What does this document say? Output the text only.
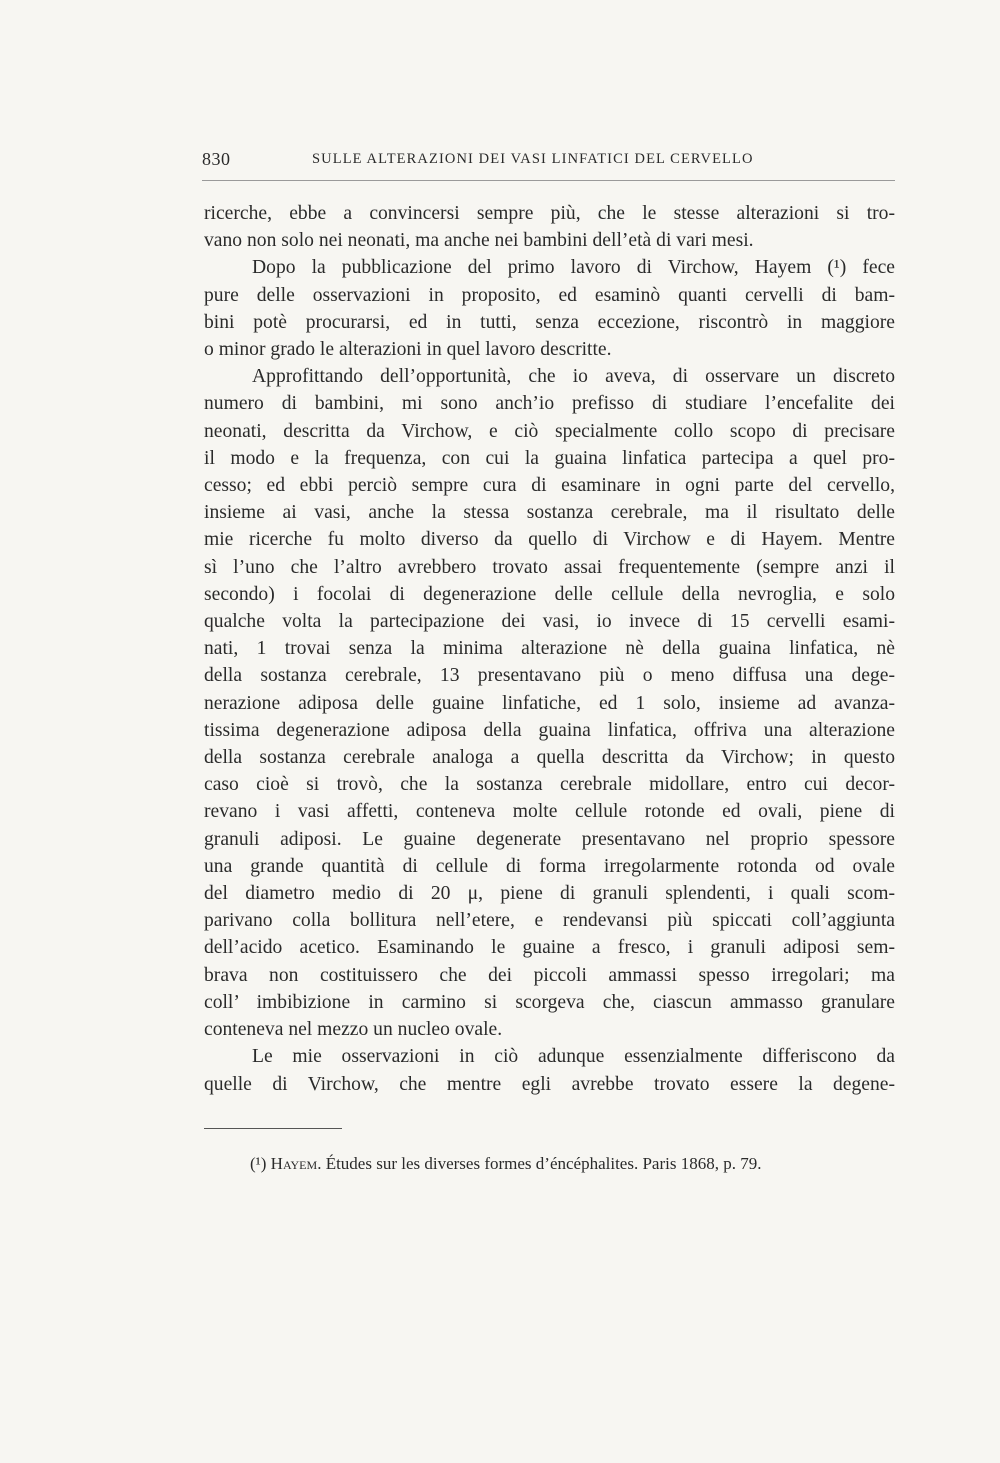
830	SULLE ALTERAZIONI DEI VASI LINFATICI DEL CERVELLO
ricerche, ebbe a convincersi sempre più, che le stesse alterazioni si tro-
vano non solo nei neonati, ma anche nei bambini dell’età di vari mesi.
Dopo la pubblicazione del primo lavoro di Virchow, Hayem (¹) fece
pure delle osservazioni in proposito, ed esaminò quanti cervelli di bam-
bini potè procurarsi, ed in tutti, senza eccezione, riscontrò in maggiore
o minor grado le alterazioni in quel lavoro descritte.
Approfittando dell’opportunità, che io aveva, di osservare un discreto
numero di bambini, mi sono anch’io prefisso di studiare l’encefalite dei
neonati, descritta da Virchow, e ciò specialmente collo scopo di precisare
il modo e la frequenza, con cui la guaina linfatica partecipa a quel pro-
cesso; ed ebbi perciò sempre cura di esaminare in ogni parte del cervello,
insieme ai vasi, anche la stessa sostanza cerebrale, ma il risultato delle
mie ricerche fu molto diverso da quello di Virchow e di Hayem. Mentre
sì l’uno che l’altro avrebbero trovato assai frequentemente (sempre anzi il
secondo) i focolai di degenerazione delle cellule della nevroglia, e solo
qualche volta la partecipazione dei vasi, io invece di 15 cervelli esami-
nati, 1 trovai senza la minima alterazione nè della guaina linfatica, nè
della sostanza cerebrale, 13 presentavano più o meno diffusa una dege-
nerazione adiposa delle guaine linfatiche, ed 1 solo, insieme ad avanza-
tissima degenerazione adiposa della guaina linfatica, offriva una alterazione
della sostanza cerebrale analoga a quella descritta da Virchow; in questo
caso cioè si trovò, che la sostanza cerebrale midollare, entro cui decor-
revano i vasi affetti, conteneva molte cellule rotonde ed ovali, piene di
granuli adiposi. Le guaine degenerate presentavano nel proprio spessore
una grande quantità di cellule di forma irregolarmente rotonda od ovale
del diametro medio di 20 μ, piene di granuli splendenti, i quali scom-
parivano colla bollitura nell’etere, e rendevansi più spiccati coll’aggiunta
dell’acido acetico. Esaminando le guaine a fresco, i granuli adiposi sem-
brava non costituissero che dei piccoli ammassi spesso irregolari; ma
coll’ imbibizione in carmino si scorgeva che, ciascun ammasso granulare
conteneva nel mezzo un nucleo ovale.
Le mie osservazioni in ciò adunque essenzialmente differiscono da
quelle di Virchow, che mentre egli avrebbe trovato essere la degene-
(¹) Hayem. Études sur les diverses formes d’éncéphalites. Paris 1868, p. 79.
